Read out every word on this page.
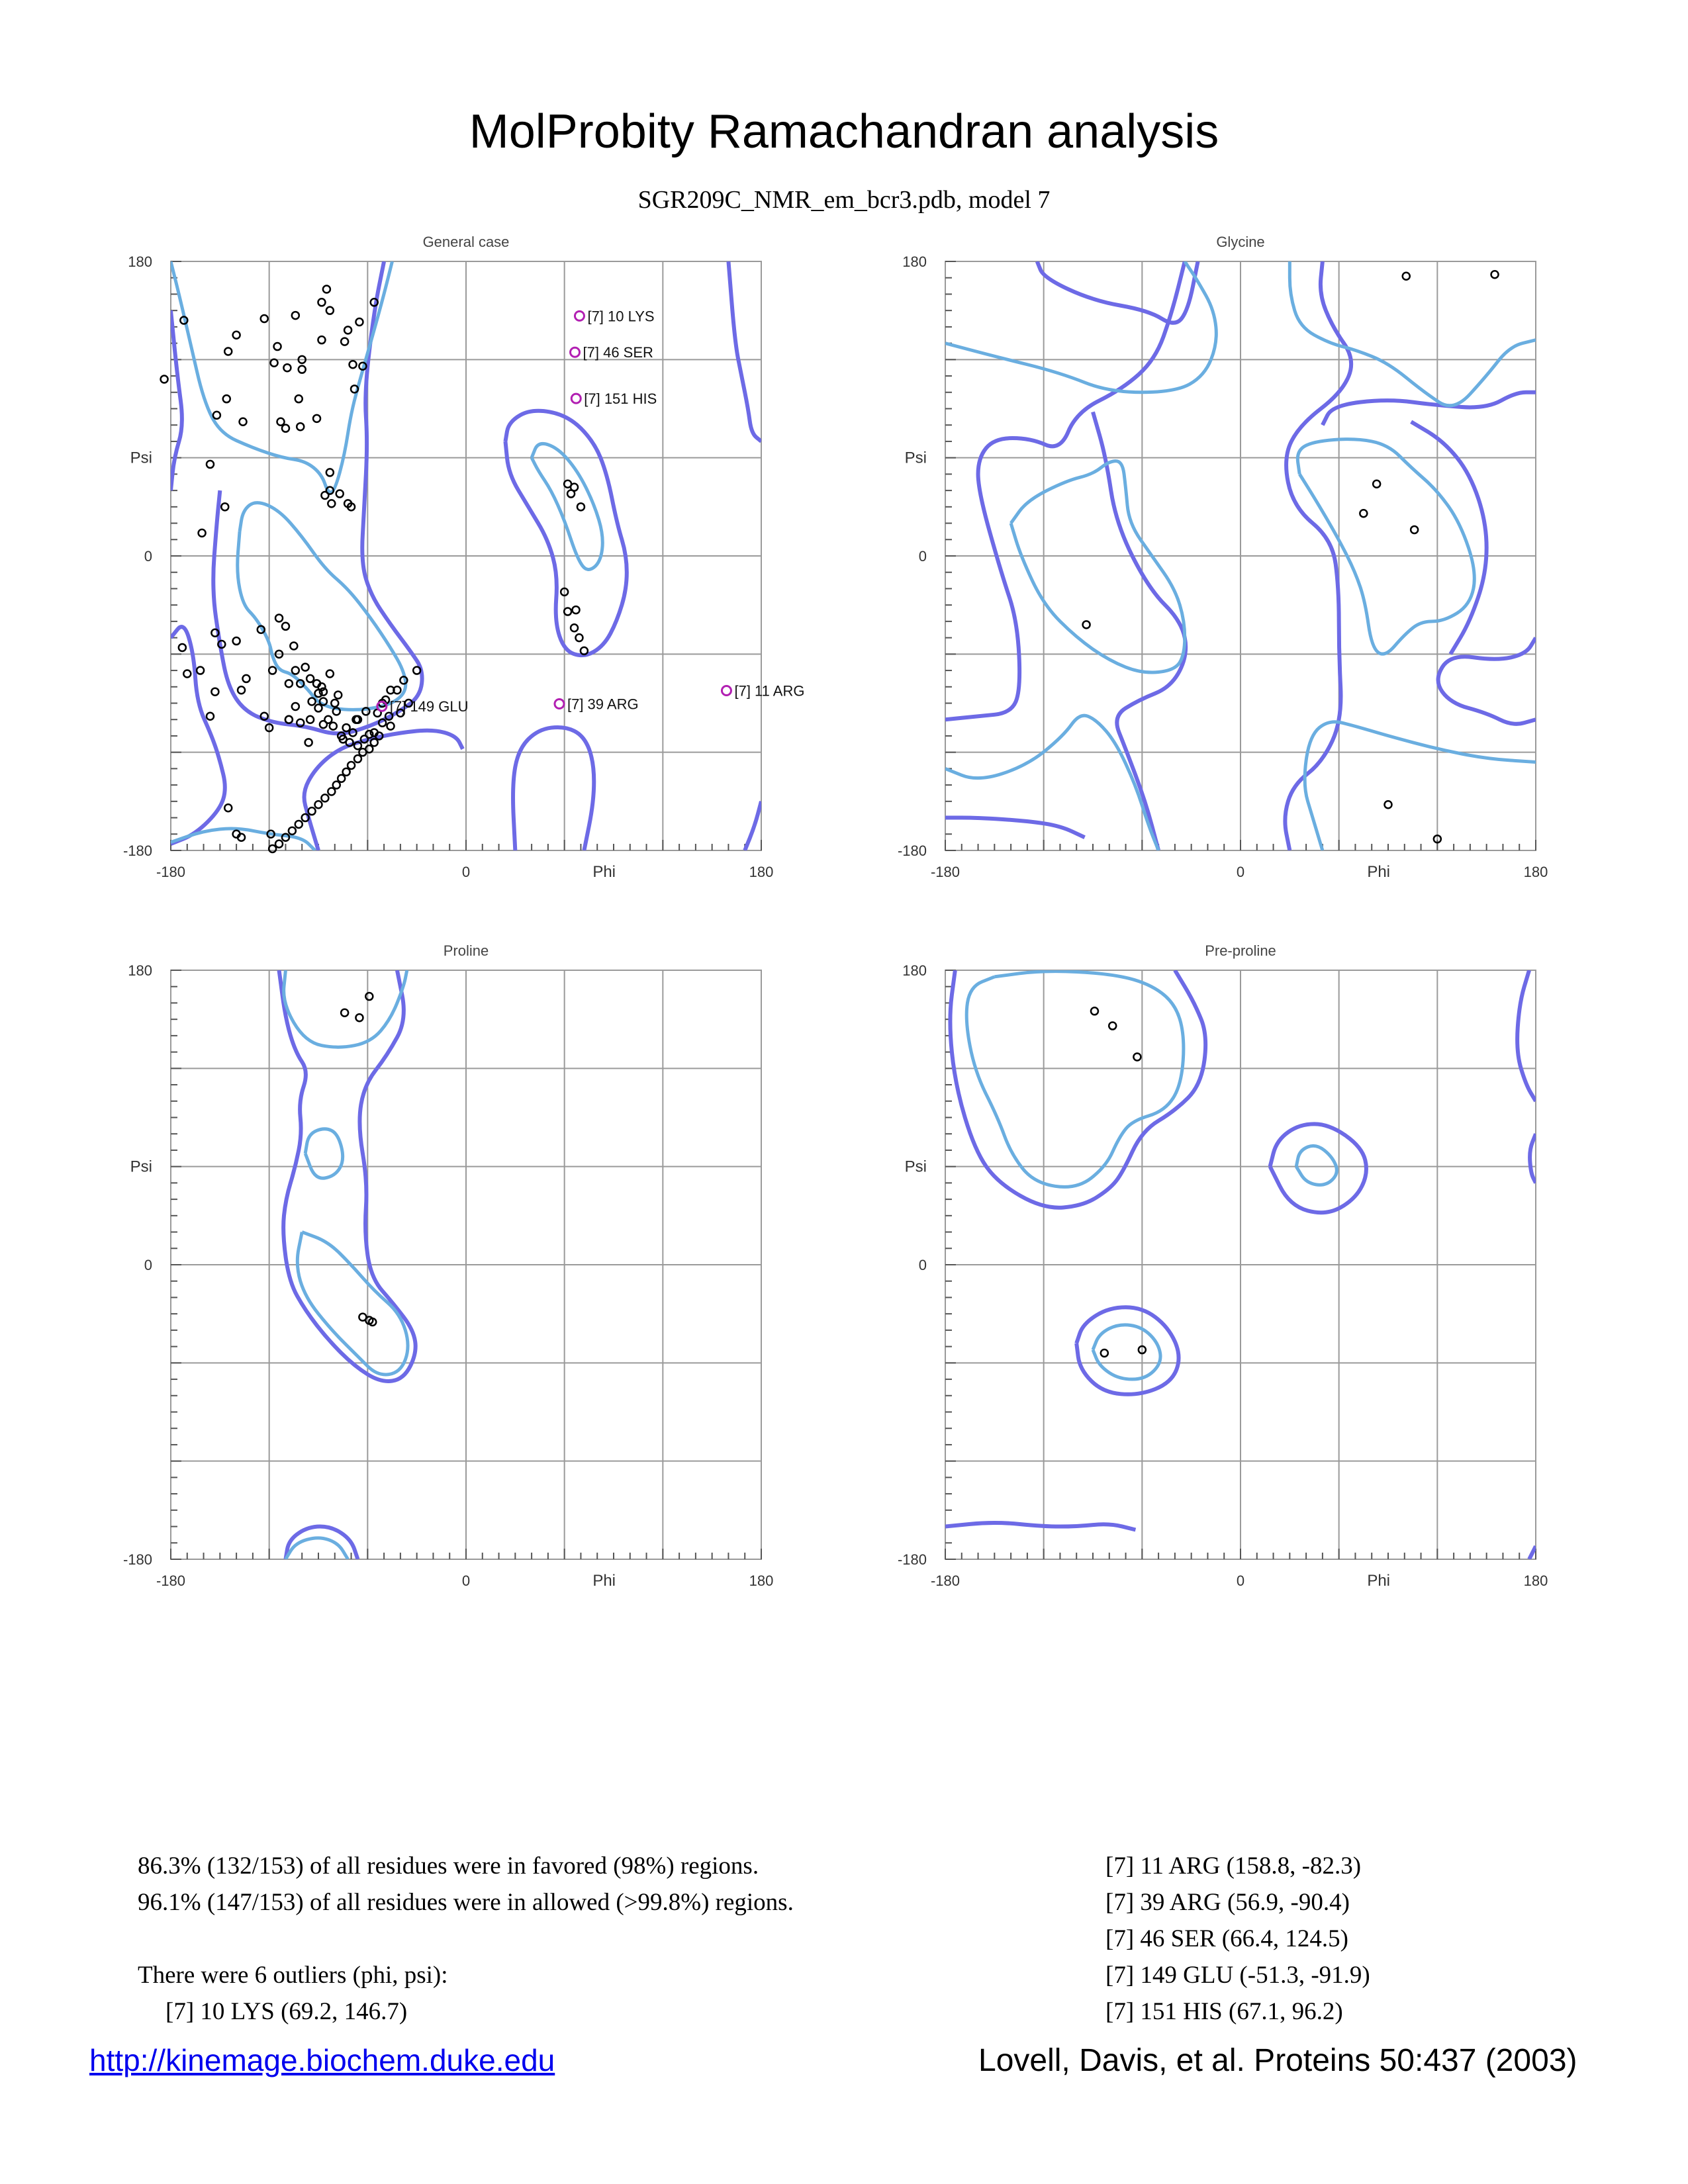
MolProbity Ramachandran analysis
SGR209C_NMR_em_bcr3.pdb, model 7
General case
-180	0	180
180
0
-180
Phi
Psi
[7] 10 LYS
[7] 46 SER
[7] 151 HIS
[7] 11 ARG
[7] 149 GLU	[7] 39 ARG
Glycine
-180	0	180
180
0
-180
Phi
Psi
Proline
-180	0	180
180
0
-180
Phi
Psi
Pre-proline
-180	0	180
180
0
-180
Phi
Psi
86.3% (132/153) of all residues were in favored (98%) regions.
96.1% (147/153) of all residues were in allowed (>99.8%) regions.
There were 6 outliers (phi, psi):
[7] 10 LYS (69.2, 146.7)
[7] 11 ARG (158.8, -82.3)
[7] 39 ARG (56.9, -90.4)
[7] 46 SER (66.4, 124.5)
[7] 149 GLU (-51.3, -91.9)
[7] 151 HIS (67.1, 96.2)
http://kinemage.biochem.duke.edu	Lovell, Davis, et al. Proteins 50:437 (2003)
